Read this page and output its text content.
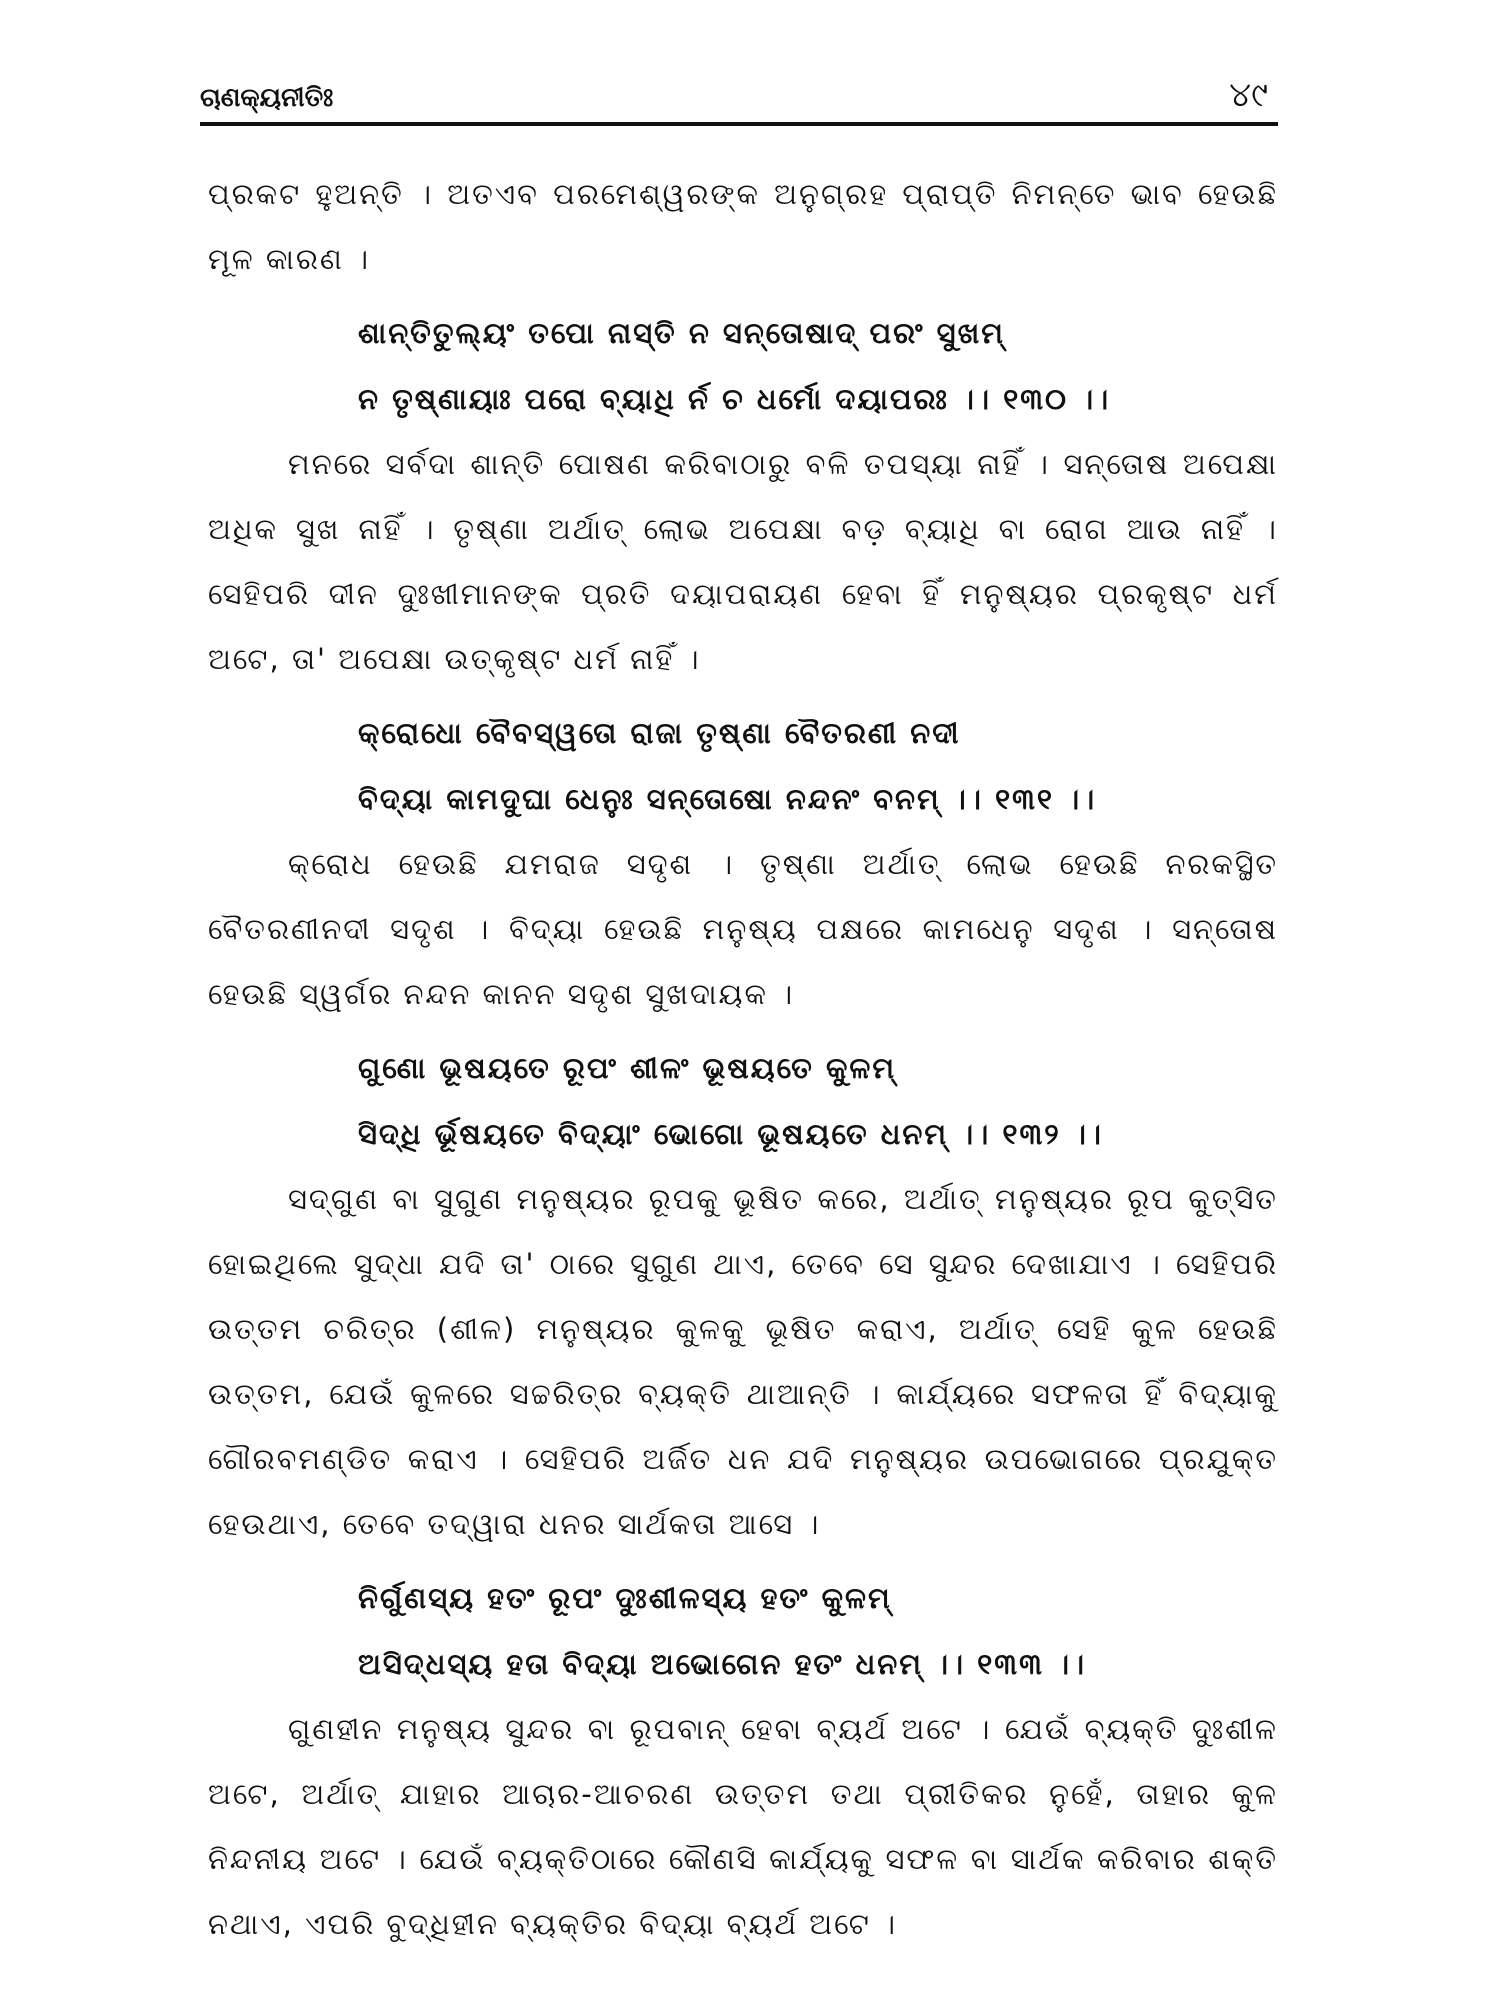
ଚାଣକ୍ୟନୀତିଃ	୪୯

ପ୍ରକଟ ହୁଅନ୍ତି । ଅତଏବ ପରମେଶ୍ୱରଙ୍କ ଅନୁଗ୍ରହ ପ୍ରାପ୍ତି ନିମନ୍ତେ ଭାବ ହେଉଛି ମୂଳ କାରଣ ।

ଶାନ୍ତିତୁଲ୍ୟଂ ତପୋ ନାସ୍ତି ନ ସନ୍ତୋଷାଦ୍ ପରଂ ସୁଖମ୍
ନ ତୃଷ୍ଣାୟାଃ ପରୋ ବ୍ୟାଧି ର୍ନ ଚ ଧର୍ମୋ ଦୟାପରଃ ।। ୧୩୦ ।।

ମନରେ ସର୍ବଦା ଶାନ୍ତି ପୋଷଣ କରିବାଠାରୁ ବଳି ତପସ୍ୟା ନାହିଁ । ସନ୍ତୋଷ ଅପେକ୍ଷା ଅଧିକ ସୁଖ ନାହିଁ । ତୃଷ୍ଣା ଅର୍ଥାତ୍ ଲୋଭ ଅପେକ୍ଷା ବଡ଼ ବ୍ୟାଧି ବା ରୋଗ ଆଉ ନାହିଁ । ସେହିପରି ଦୀନ ଦୁଃଖୀମାନଙ୍କ ପ୍ରତି ଦୟାପରାୟଣ ହେବା ହିଁ ମନୁଷ୍ୟର ପ୍ରକୃଷ୍ଟ ଧର୍ମ ଅଟେ, ତା' ଅପେକ୍ଷା ଉତ୍କୃଷ୍ଟ ଧର୍ମ ନାହିଁ ।

କ୍ରୋଧୋ ବୈବସ୍ୱତୋ ରାଜା ତୃଷ୍ଣା ବୈତରଣୀ ନଦୀ
ବିଦ୍ୟା କାମଦୁଘା ଧେନୁଃ ସନ୍ତୋଷୋ ନନ୍ଦନଂ ବନମ୍ ।। ୧୩୧ ।।

କ୍ରୋଧ ହେଉଛି ଯମରାଜ ସଦୃଶ । ତୃଷ୍ଣା ଅର୍ଥାତ୍ ଲୋଭ ହେଉଛି ନରକସ୍ଥିତ ବୈତରଣୀନଦୀ ସଦୃଶ । ବିଦ୍ୟା ହେଉଛି ମନୁଷ୍ୟ ପକ୍ଷରେ କାମଧେନୁ ସଦୃଶ । ସନ୍ତୋଷ ହେଉଛି ସ୍ୱର୍ଗର ନନ୍ଦନ କାନନ ସଦୃଶ ସୁଖଦାୟକ ।

ଗୁଣୋ ଭୂଷୟତେ ରୂପଂ ଶୀଳଂ ଭୂଷୟତେ କୁଳମ୍
ସିଦ୍ଧି ର୍ଭୂଷୟତେ ବିଦ୍ୟାଂ ଭୋଗୋ ଭୂଷୟତେ ଧନମ୍ ।। ୧୩୨ ।।

ସଦ୍‌ଗୁଣ ବା ସୁଗୁଣ ମନୁଷ୍ୟର ରୂପକୁ ଭୂଷିତ କରେ, ଅର୍ଥାତ୍ ମନୁଷ୍ୟର ରୂପ କୁତ୍ସିତ ହୋଇଥିଲେ ସୁଦ୍ଧା ଯଦି ତା' ଠାରେ ସୁଗୁଣ ଥାଏ, ତେବେ ସେ ସୁନ୍ଦର ଦେଖାଯାଏ । ସେହିପରି ଉତ୍ତମ ଚରିତ୍ର (ଶୀଳ) ମନୁଷ୍ୟର କୁଳକୁ ଭୂଷିତ କରାଏ, ଅର୍ଥାତ୍ ସେହି କୁଳ ହେଉଛି ଉତ୍ତମ, ଯେଉଁ କୁଳରେ ସଚ୍ଚରିତ୍ର ବ୍ୟକ୍ତି ଥାଆନ୍ତି । କାର୍ଯ୍ୟରେ ସଫଳତା ହିଁ ବିଦ୍ୟାକୁ ଗୌରବମଣ୍ଡିତ କରାଏ । ସେହିପରି ଅର୍ଜିତ ଧନ ଯଦି ମନୁଷ୍ୟର ଉପଭୋଗରେ ପ୍ରଯୁକ୍ତ ହେଉଥାଏ, ତେବେ ତଦ୍ୱାରା ଧନର ସାର୍ଥକତା ଆସେ ।

ନିର୍ଗୁଣସ୍ୟ ହତଂ ରୂପଂ ଦୁଃଶୀଳସ୍ୟ ହତଂ କୁଳମ୍
ଅସିଦ୍ଧସ୍ୟ ହତା ବିଦ୍ୟା ଅଭୋଗେନ ହତଂ ଧନମ୍ ।। ୧୩୩ ।।

ଗୁଣହୀନ ମନୁଷ୍ୟ ସୁନ୍ଦର ବା ରୂପବାନ୍ ହେବା ବ୍ୟର୍ଥ ଅଟେ । ଯେଉଁ ବ୍ୟକ୍ତି ଦୁଃଶୀଳ ଅଟେ, ଅର୍ଥାତ୍ ଯାହାର ଆଚାର-ଆଚରଣ ଉତ୍ତମ ତଥା ପ୍ରୀତିକର ନୁହେଁ, ତାହାର କୁଳ ନିନ୍ଦନୀୟ ଅଟେ । ଯେଉଁ ବ୍ୟକ୍ତିଠାରେ କୌଣସି କାର୍ଯ୍ୟକୁ ସଫଳ ବା ସାର୍ଥକ କରିବାର ଶକ୍ତି ନଥାଏ, ଏପରି ବୁଦ୍ଧିହୀନ ବ୍ୟକ୍ତିର ବିଦ୍ୟା ବ୍ୟର୍ଥ ଅଟେ ।
